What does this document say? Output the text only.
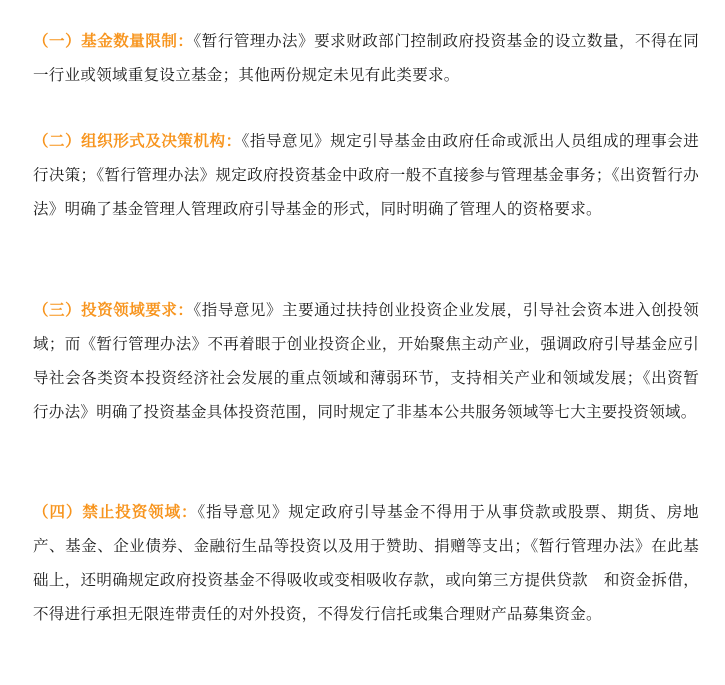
（一）基金数量限制：《暂行管理办法》要求财政部门控制政府投资基金的设立数量，不得在同一行业或领域重复设立基金；其他两份规定未见有此类要求。

（二）组织形式及决策机构：《指导意见》规定引导基金由政府任命或派出人员组成的理事会进行决策；《暂行管理办法》规定政府投资基金中政府一般不直接参与管理基金事务；《出资暂行办法》明确了基金管理人管理政府引导基金的形式，同时明确了管理人的资格要求。

（三）投资领域要求：《指导意见》主要通过扶持创业投资企业发展，引导社会资本进入创投领域；而《暂行管理办法》不再着眼于创业投资企业，开始聚焦主动产业，强调政府引导基金应引导社会各类资本投资经济社会发展的重点领域和薄弱环节，支持相关产业和领域发展；《出资暂行办法》明确了投资基金具体投资范围，同时规定了非基本公共服务领域等七大主要投资领域。

（四）禁止投资领域：《指导意见》规定政府引导基金不得用于从事贷款或股票、期货、房地产、基金、企业债券、金融衍生品等投资以及用于赞助、捐赠等支出；《暂行管理办法》在此基础上，还明确规定政府投资基金不得吸收或变相吸收存款，或向第三方提供贷款　和资金拆借，不得进行承担无限连带责任的对外投资，不得发行信托或集合理财产品募集资金。
